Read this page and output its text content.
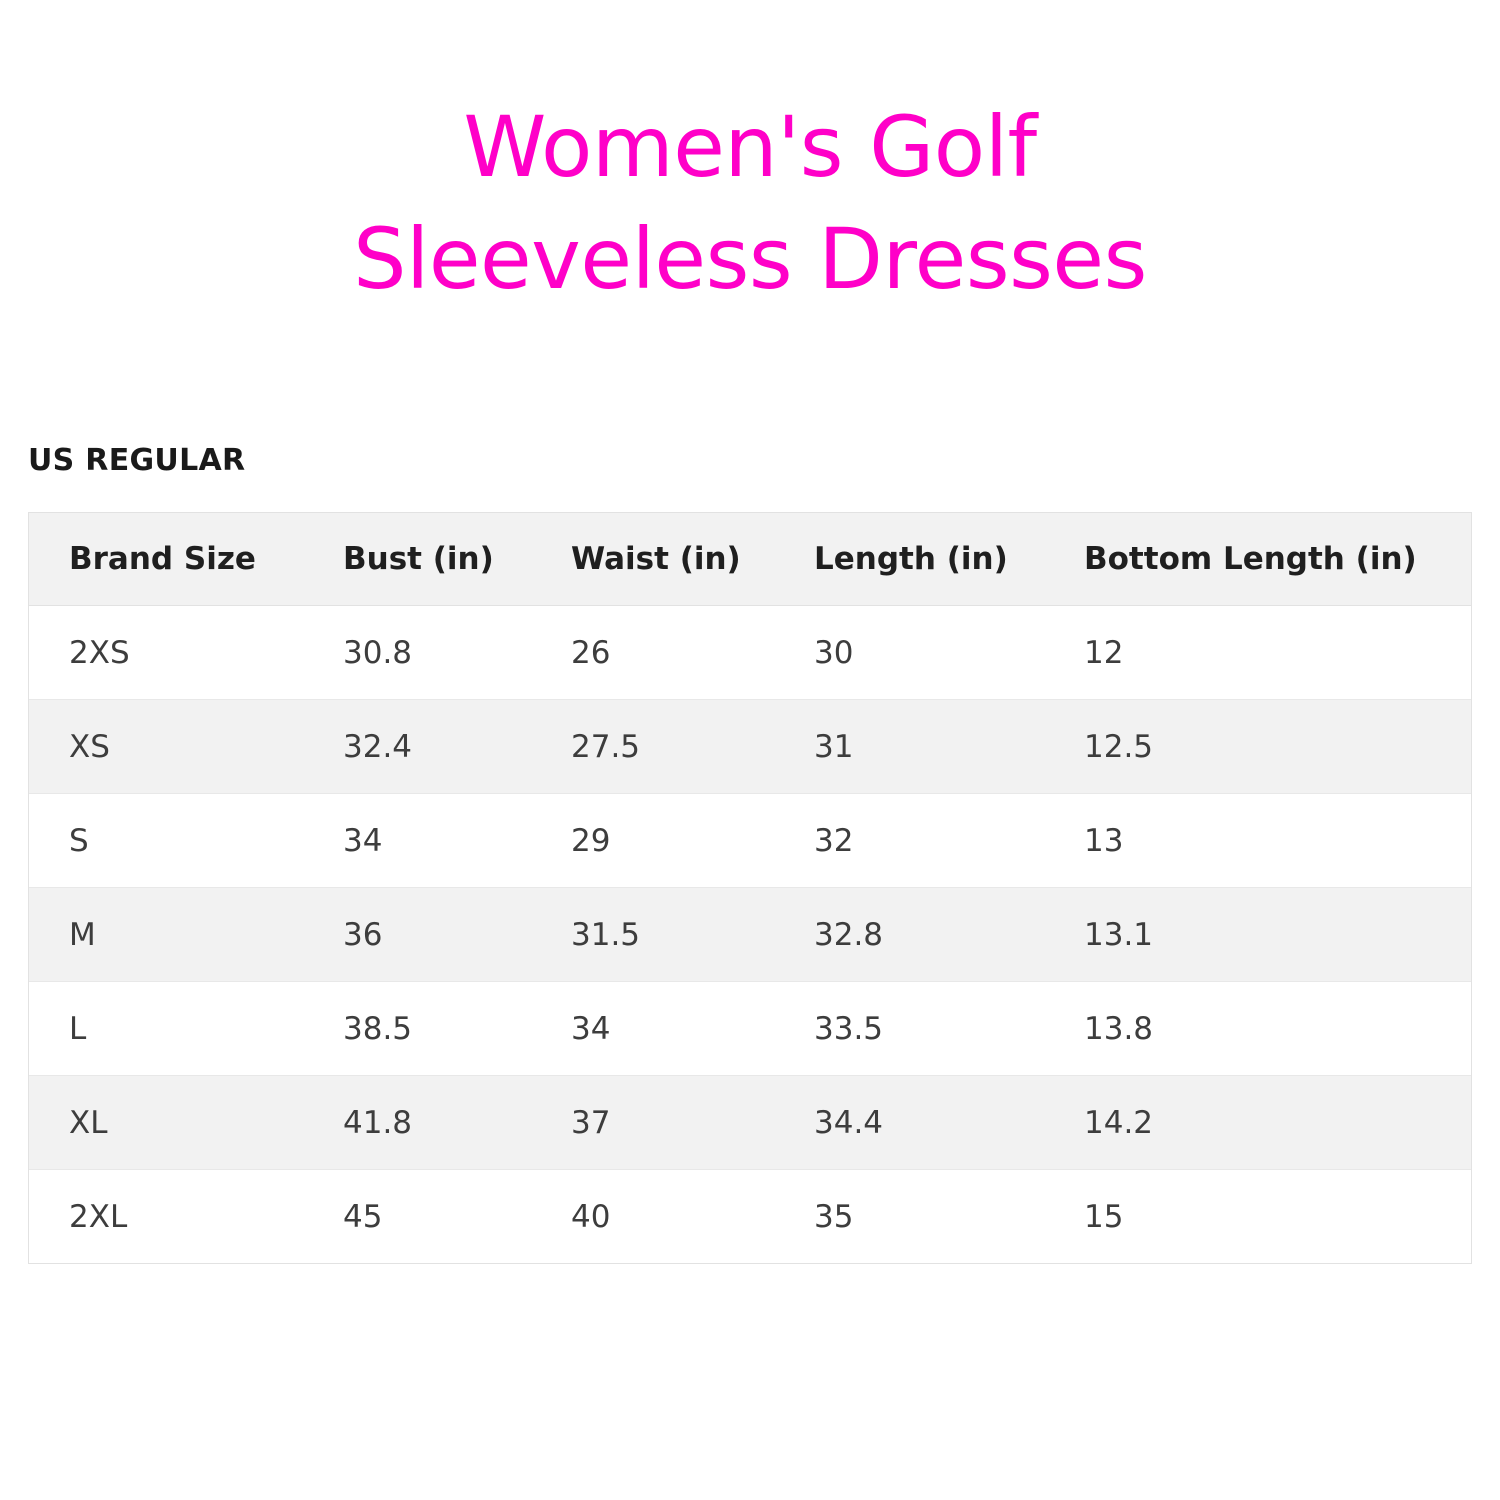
Women's Golf
Sleeveless Dresses
US REGULAR
Brand Size	Bust (in)	Waist (in)	Length (in)	Bottom Length (in)
2XS	30.8	26	30	12
XS	32.4	27.5	31	12.5
S	34	29	32	13
M	36	31.5	32.8	13.1
L	38.5	34	33.5	13.8
XL	41.8	37	34.4	14.2
2XL	45	40	35	15
